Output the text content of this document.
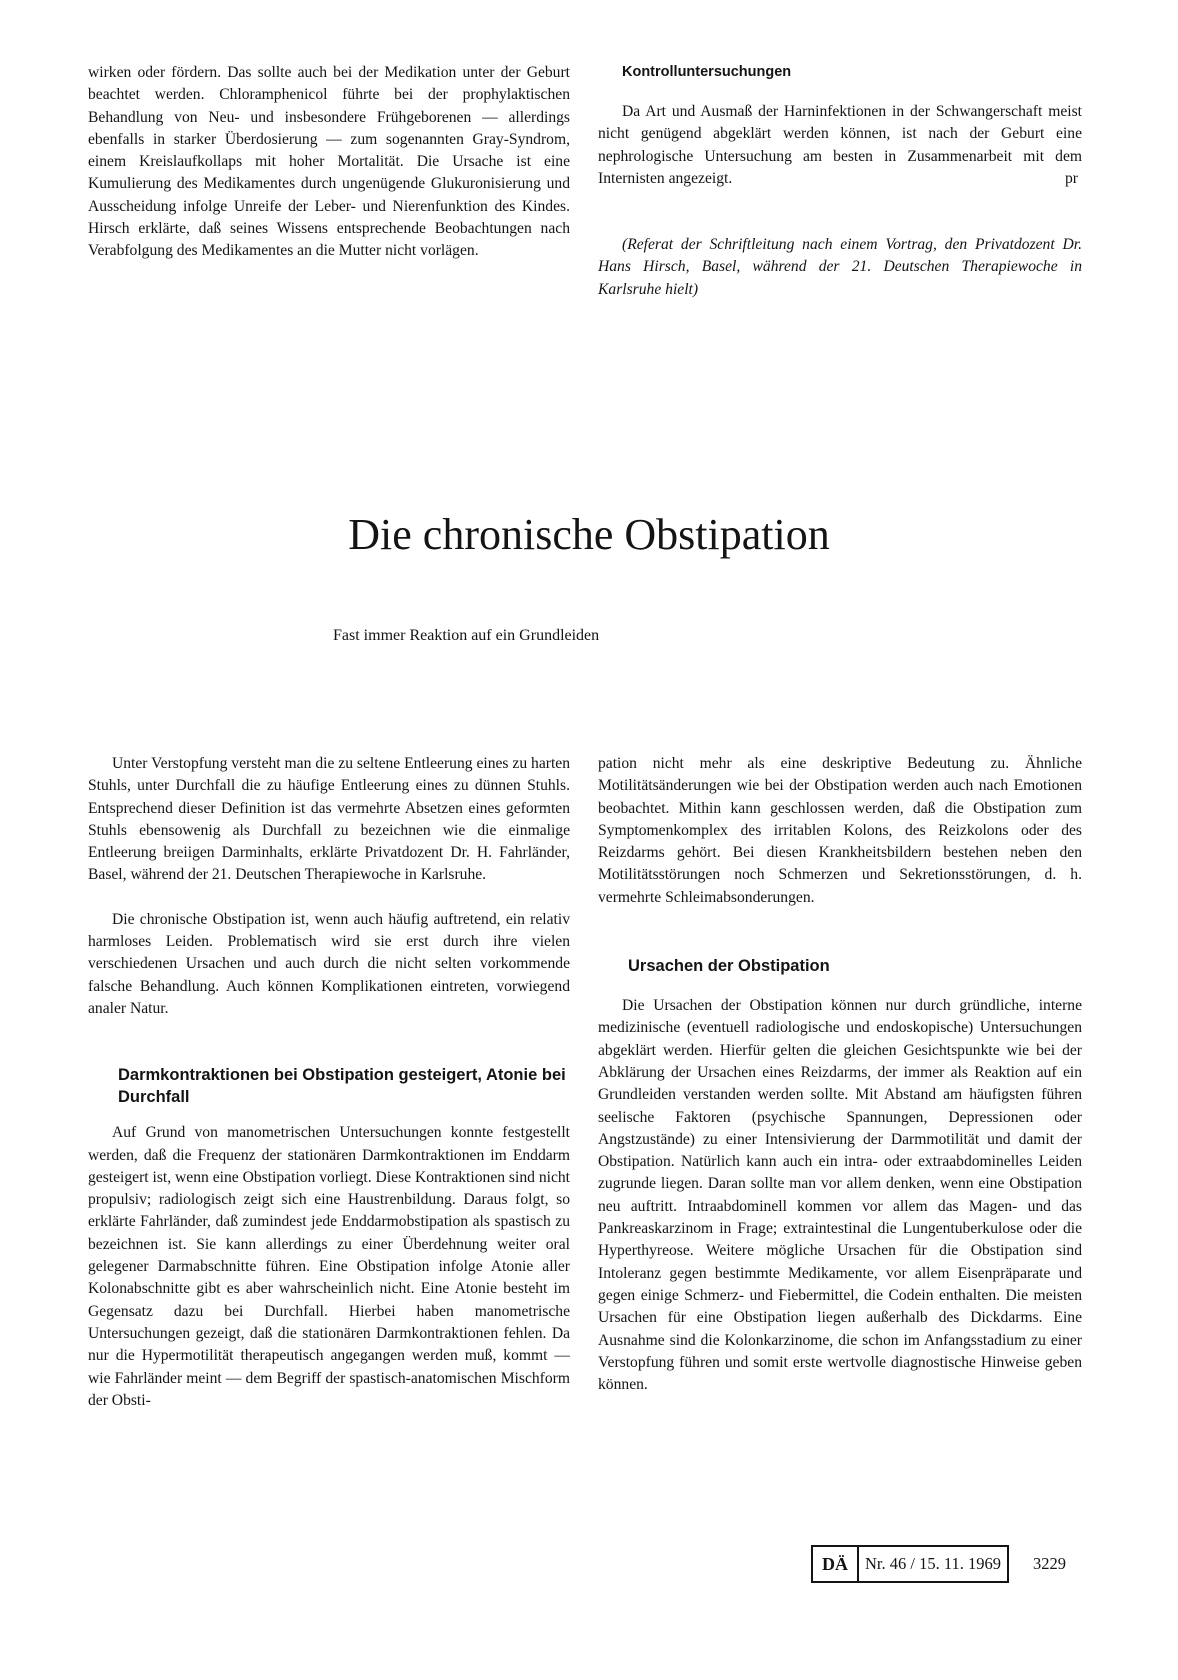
wirken oder fördern. Das sollte auch bei der Medikation unter der Geburt beachtet werden. Chloramphenicol führte bei der prophylaktischen Behandlung von Neu- und insbesondere Frühgeborenen — allerdings ebenfalls in starker Überdosierung — zum sogenannten Gray-Syndrom, einem Kreislaufkollaps mit hoher Mortalität. Die Ursache ist eine Kumulierung des Medikamentes durch ungenügende Glukuronisierung und Ausscheidung infolge Unreife der Leber- und Nierenfunktion des Kindes. Hirsch erklärte, daß seines Wissens entsprechende Beobachtungen nach Verabfolgung des Medikamentes an die Mutter nicht vorlägen.

Kontrolluntersuchungen

Da Art und Ausmaß der Harninfektionen in der Schwangerschaft meist nicht genügend abgeklärt werden können, ist nach der Geburt eine nephrologische Untersuchung am besten in Zusammenarbeit mit dem Internisten angezeigt.	pr

(Referat der Schriftleitung nach einem Vortrag, den Privatdozent Dr. Hans Hirsch, Basel, während der 21. Deutschen Therapiewoche in Karlsruhe hielt)

Die chronische Obstipation
Fast immer Reaktion auf ein Grundleiden

Unter Verstopfung versteht man die zu seltene Entleerung eines zu harten Stuhls, unter Durchfall die zu häufige Entleerung eines zu dünnen Stuhls. Entsprechend dieser Definition ist das vermehrte Absetzen eines geformten Stuhls ebensowenig als Durchfall zu bezeichnen wie die einmalige Entleerung breiigen Darminhalts, erklärte Privatdozent Dr. H. Fahrländer, Basel, während der 21. Deutschen Therapiewoche in Karlsruhe.

Die chronische Obstipation ist, wenn auch häufig auftretend, ein relativ harmloses Leiden. Problematisch wird sie erst durch ihre vielen verschiedenen Ursachen und auch durch die nicht selten vorkommende falsche Behandlung. Auch können Komplikationen eintreten, vorwiegend analer Natur.

Darmkontraktionen bei Obstipation gesteigert, Atonie bei Durchfall

Auf Grund von manometrischen Untersuchungen konnte festgestellt werden, daß die Frequenz der stationären Darmkontraktionen im Enddarm gesteigert ist, wenn eine Obstipation vorliegt. Diese Kontraktionen sind nicht propulsiv; radiologisch zeigt sich eine Haustrenbildung. Daraus folgt, so erklärte Fahrländer, daß zumindest jede Enddarmobstipation als spastisch zu bezeichnen ist. Sie kann allerdings zu einer Überdehnung weiter oral gelegener Darmabschnitte führen. Eine Obstipation infolge Atonie aller Kolonabschnitte gibt es aber wahrscheinlich nicht. Eine Atonie besteht im Gegensatz dazu bei Durchfall. Hierbei haben manometrische Untersuchungen gezeigt, daß die stationären Darmkontraktionen fehlen. Da nur die Hypermotilität therapeutisch angegangen werden muß, kommt — wie Fahrländer meint — dem Begriff der spastisch-anatomischen Mischform der Obsti-

pation nicht mehr als eine deskriptive Bedeutung zu. Ähnliche Motilitätsänderungen wie bei der Obstipation werden auch nach Emotionen beobachtet. Mithin kann geschlossen werden, daß die Obstipation zum Symptomenkomplex des irritablen Kolons, des Reizkolons oder des Reizdarms gehört. Bei diesen Krankheitsbildern bestehen neben den Motilitätsstörungen noch Schmerzen und Sekretionsstörungen, d. h. vermehrte Schleimabsonderungen.

Ursachen der Obstipation

Die Ursachen der Obstipation können nur durch gründliche, interne medizinische (eventuell radiologische und endoskopische) Untersuchungen abgeklärt werden. Hierfür gelten die gleichen Gesichtspunkte wie bei der Abklärung der Ursachen eines Reizdarms, der immer als Reaktion auf ein Grundleiden verstanden werden sollte. Mit Abstand am häufigsten führen seelische Faktoren (psychische Spannungen, Depressionen oder Angstzustände) zu einer Intensivierung der Darmmotilität und damit der Obstipation. Natürlich kann auch ein intra- oder extraabdominelles Leiden zugrunde liegen. Daran sollte man vor allem denken, wenn eine Obstipation neu auftritt. Intraabdominell kommen vor allem das Magen- und das Pankreaskarzinom in Frage; extraintestinal die Lungentuberkulose oder die Hyperthyreose. Weitere mögliche Ursachen für die Obstipation sind Intoleranz gegen bestimmte Medikamente, vor allem Eisenpräparate und gegen einige Schmerz- und Fiebermittel, die Codein enthalten. Die meisten Ursachen für eine Obstipation liegen außerhalb des Dickdarms. Eine Ausnahme sind die Kolonkarzinome, die schon im Anfangsstadium zu einer Verstopfung führen und somit erste wertvolle diagnostische Hinweise geben können.

DÄ	Nr. 46 / 15. 11. 1969	3229
